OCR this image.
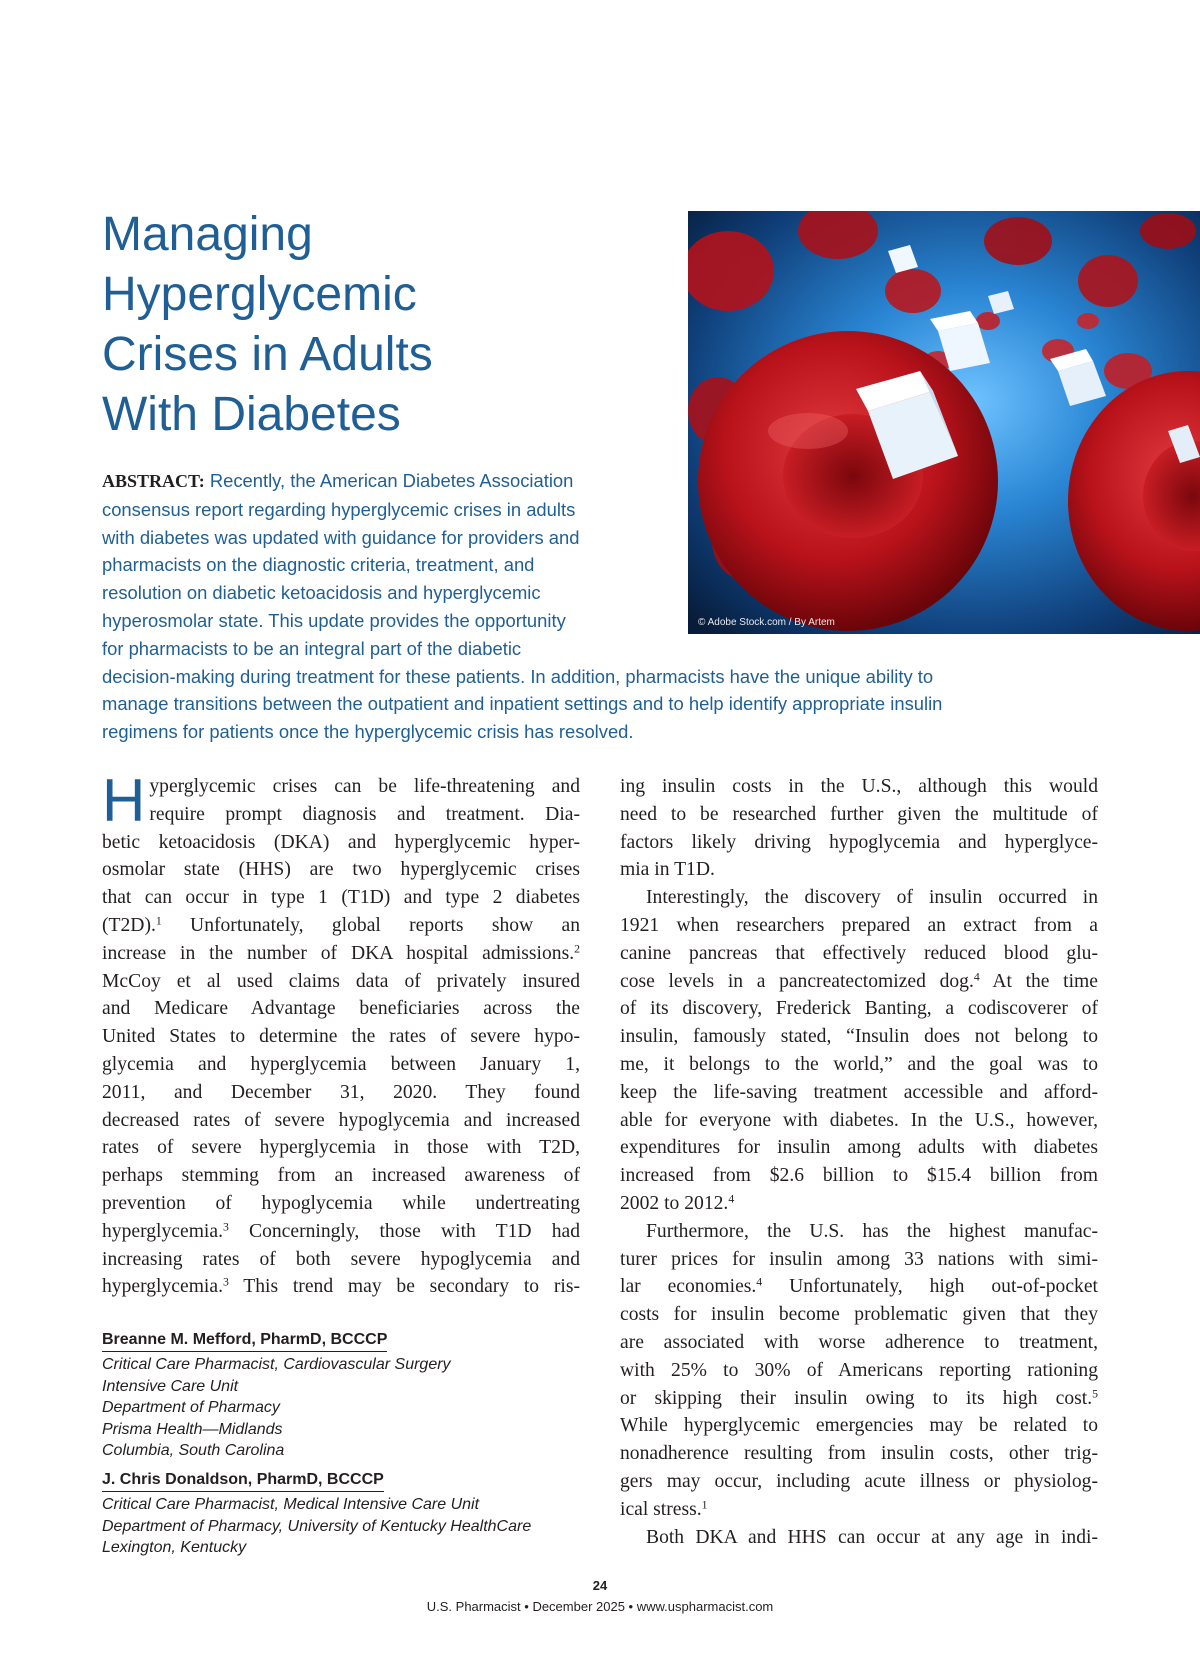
Managing
Hyperglycemic
Crises in Adults
With Diabetes
© Adobe Stock.com / By Artem

ABSTRACT: Recently, the American Diabetes Association
consensus report regarding hyperglycemic crises in adults
with diabetes was updated with guidance for providers and
pharmacists on the diagnostic criteria, treatment, and
resolution on diabetic ketoacidosis and hyperglycemic
hyperosmolar state. This update provides the opportunity
for pharmacists to be an integral part of the diabetic
decision-making during treatment for these patients. In addition, pharmacists have the unique ability to
manage transitions between the outpatient and inpatient settings and to help identify appropriate insulin
regimens for patients once the hyperglycemic crisis has resolved.

H yperglycemic crises can be life-threatening and
require prompt diagnosis and treatment. Dia-
betic ketoacidosis (DKA) and hyperglycemic hyper-
osmolar state (HHS) are two hyperglycemic crises
that can occur in type 1 (T1D) and type 2 diabetes
(T2D).$^1$ Unfortunately, global reports show an
increase in the number of DKA hospital admissions.$^2$
McCoy et al used claims data of privately insured
and Medicare Advantage beneficiaries across the
United States to determine the rates of severe hypo-
glycemia and hyperglycemia between January 1,
2011, and December 31, 2020. They found
decreased rates of severe hypoglycemia and increased
rates of severe hyperglycemia in those with T2D,
perhaps stemming from an increased awareness of
prevention of hypoglycemia while undertreating
hyperglycemia.$^3$ Concerningly, those with T1D had
increasing rates of both severe hypoglycemia and
hyperglycemia.$^3$ This trend may be secondary to ris-
Breanne M. Mefford, PharmD, BCCCP

Critical Care Pharmacist, Cardiovascular Surgery

Intensive Care Unit

Department of Pharmacy

Prisma Health—Midlands

Columbia, South Carolina

J. Chris Donaldson, PharmD, BCCCP

Critical Care Pharmacist, Medical Intensive Care Unit

Department of Pharmacy, University of Kentucky HealthCare

Lexington, Kentucky

ing insulin costs in the U.S., although this would
need to be researched further given the multitude of
factors likely driving hypoglycemia and hyperglyce-
mia in T1D.
Interestingly, the discovery of insulin occurred in
1921 when researchers prepared an extract from a
canine pancreas that effectively reduced blood glu-
cose levels in a pancreatectomized dog.$^4$ At the time
of its discovery, Frederick Banting, a codiscoverer of
insulin, famously stated, “Insulin does not belong to
me, it belongs to the world,” and the goal was to
keep the life-saving treatment accessible and afford-
able for everyone with diabetes. In the U.S., however,
expenditures for insulin among adults with diabetes
increased from $2.6 billion to $15.4 billion from
2002 to 2012.$^4$
Furthermore, the U.S. has the highest manufac-
turer prices for insulin among 33 nations with simi-
lar economies.$^4$ Unfortunately, high out-of-pocket
costs for insulin become problematic given that they
are associated with worse adherence to treatment,
with 25% to 30% of Americans reporting rationing
or skipping their insulin owing to its high cost.$^5$
While hyperglycemic emergencies may be related to
nonadherence resulting from insulin costs, other trig-
gers may occur, including acute illness or physiolog-
ical stress.$^1$
Both DKA and HHS can occur at any age in indi-
24
U.S. Pharmacist • December 2025 • www.uspharmacist.com
